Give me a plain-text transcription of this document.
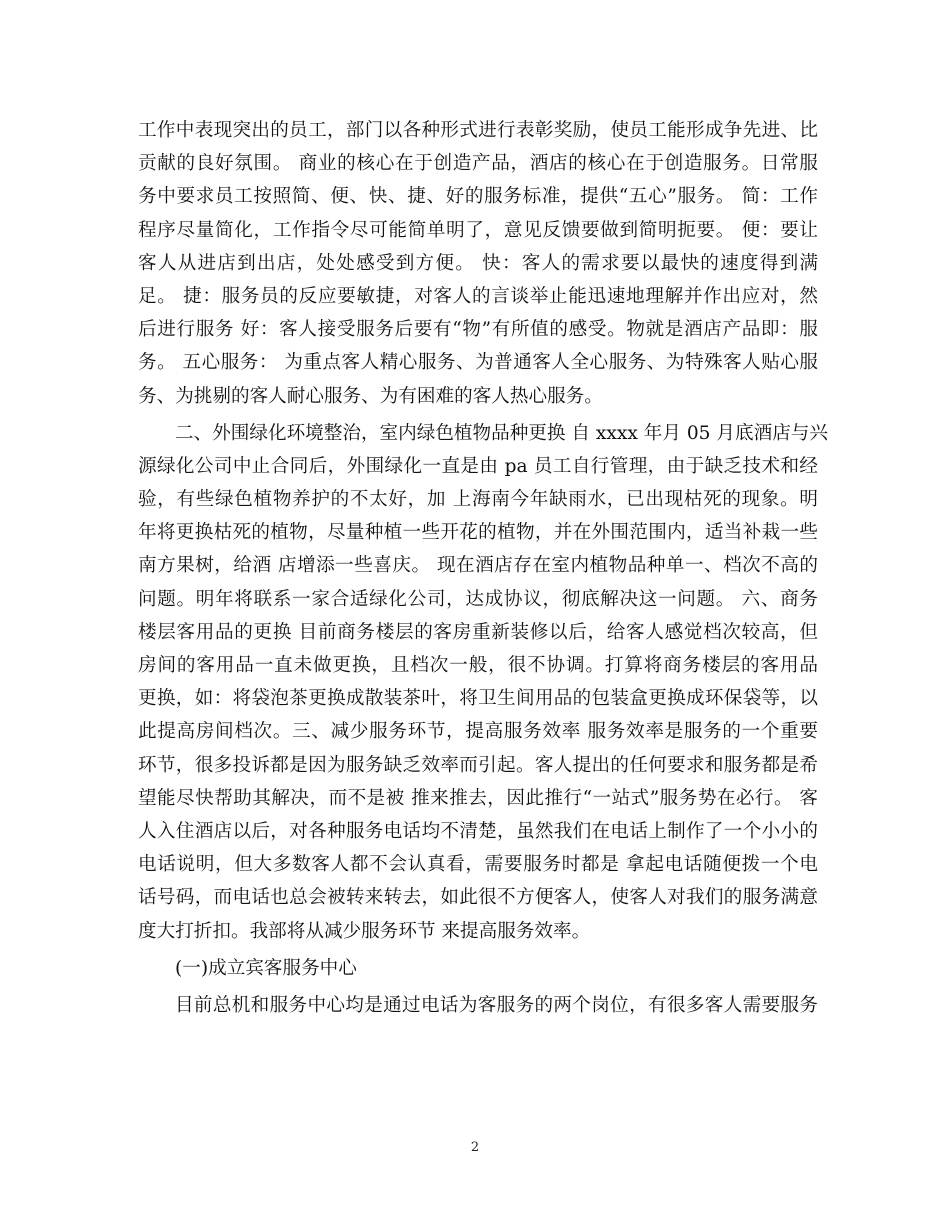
工作中表现突出的员工，部门以各种形式进行表彰奖励，使员工能形成争先进、比
贡献的良好氛围。 商业的核心在于创造产品，酒店的核心在于创造服务。日常服
务中要求员工按照简、便、快、捷、好的服务标准，提供“五心”服务。 简：工作
程序尽量简化，工作指令尽可能简单明了，意见反馈要做到简明扼要。 便：要让
客人从进店到出店，处处感受到方便。 快：客人的需求要以最快的速度得到满
足。 捷：服务员的反应要敏捷，对客人的言谈举止能迅速地理解并作出应对，然
后进行服务 好：客人接受服务后要有“物”有所值的感受。物就是酒店产品即：服
务。 五心服务： 为重点客人精心服务、为普通客人全心服务、为特殊客人贴心服
务、为挑剔的客人耐心服务、为有困难的客人热心服务。
二、外围绿化环境整治，室内绿色植物品种更换 自 xxxx 年月 05 月底酒店与兴
源绿化公司中止合同后，外围绿化一直是由 pa 员工自行管理，由于缺乏技术和经
验，有些绿色植物养护的不太好，加 上海南今年缺雨水，已出现枯死的现象。明
年将更换枯死的植物，尽量种植一些开花的植物，并在外围范围内，适当补栽一些
南方果树，给酒 店增添一些喜庆。 现在酒店存在室内植物品种单一、档次不高的
问题。明年将联系一家合适绿化公司，达成协议，彻底解决这一问题。 六、商务
楼层客用品的更换 目前商务楼层的客房重新装修以后，给客人感觉档次较高，但
房间的客用品一直未做更换，且档次一般，很不协调。打算将商务楼层的客用品
更换，如：将袋泡茶更换成散装茶叶，将卫生间用品的包装盒更换成环保袋等，以
此提高房间档次。三、减少服务环节，提高服务效率 服务效率是服务的一个重要
环节，很多投诉都是因为服务缺乏效率而引起。客人提出的任何要求和服务都是希
望能尽快帮助其解决，而不是被 推来推去，因此推行“一站式”服务势在必行。 客
人入住酒店以后，对各种服务电话均不清楚，虽然我们在电话上制作了一个小小的
电话说明，但大多数客人都不会认真看，需要服务时都是 拿起电话随便拨一个电
话号码，而电话也总会被转来转去，如此很不方便客人，使客人对我们的服务满意
度大打折扣。我部将从减少服务环节 来提高服务效率。
(一)成立宾客服务中心
目前总机和服务中心均是通过电话为客服务的两个岗位，有很多客人需要服务
2
